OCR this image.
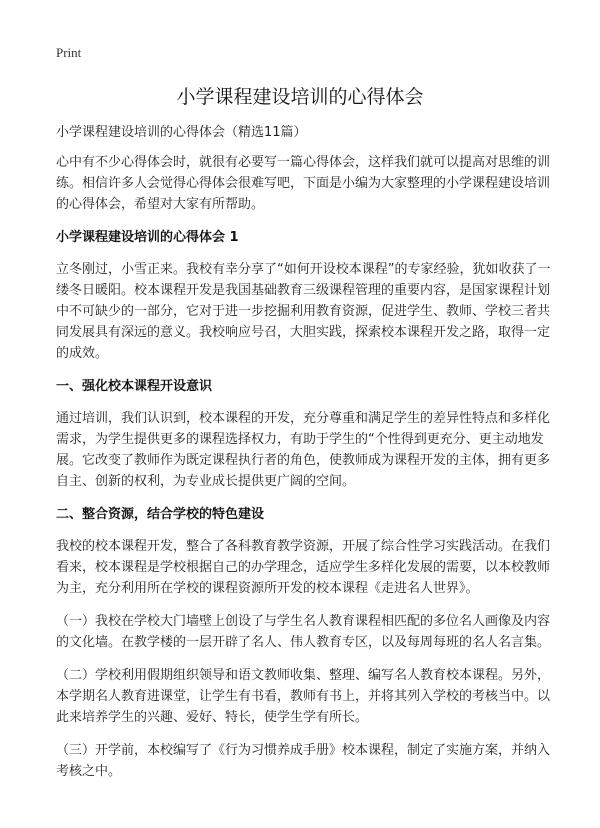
Print
小学课程建设培训的心得体会

小学课程建设培训的心得体会（精选11篇）

心中有不少心得体会时，就很有必要写一篇心得体会，这样我们就可以提高对思维的训练。相信许多人会觉得心得体会很难写吧，下面是小编为大家整理的小学课程建设培训的心得体会，希望对大家有所帮助。

小学课程建设培训的心得体会 1

立冬刚过，小雪正来。我校有幸分享了“如何开设校本课程”的专家经验，犹如收获了一缕冬日暖阳。校本课程开发是我国基础教育三级课程管理的重要内容，是国家课程计划中不可缺少的一部分，它对于进一步挖掘利用教育资源，促进学生、教师、学校三者共同发展具有深远的意义。我校响应号召，大胆实践，探索校本课程开发之路，取得一定的成效。

一、强化校本课程开设意识

通过培训，我们认识到，校本课程的开发，充分尊重和满足学生的差异性特点和多样化需求，为学生提供更多的课程选择权力，有助于学生的“个性得到更充分、更主动地发展。它改变了教师作为既定课程执行者的角色，使教师成为课程开发的主体，拥有更多自主、创新的权利，为专业成长提供更广阔的空间。

二、整合资源，结合学校的特色建设

我校的校本课程开发，整合了各科教育教学资源，开展了综合性学习实践活动。在我们看来，校本课程是学校根据自己的办学理念，适应学生多样化发展的需要，以本校教师为主，充分利用所在学校的课程资源所开发的校本课程《走进名人世界》。

（一）我校在学校大门墙壁上创设了与学生名人教育课程相匹配的多位名人画像及内容的文化墙。在教学楼的一层开辟了名人、伟人教育专区，以及每周每班的名人名言集。

（二）学校利用假期组织领导和语文教师收集、整理、编写名人教育校本课程。另外，本学期名人教育进课堂，让学生有书看，教师有书上，并将其列入学校的考核当中。以此来培养学生的兴趣、爱好、特长，使学生学有所长。

（三）开学前，本校编写了《行为习惯养成手册》校本课程，制定了实施方案，并纳入考核之中。
